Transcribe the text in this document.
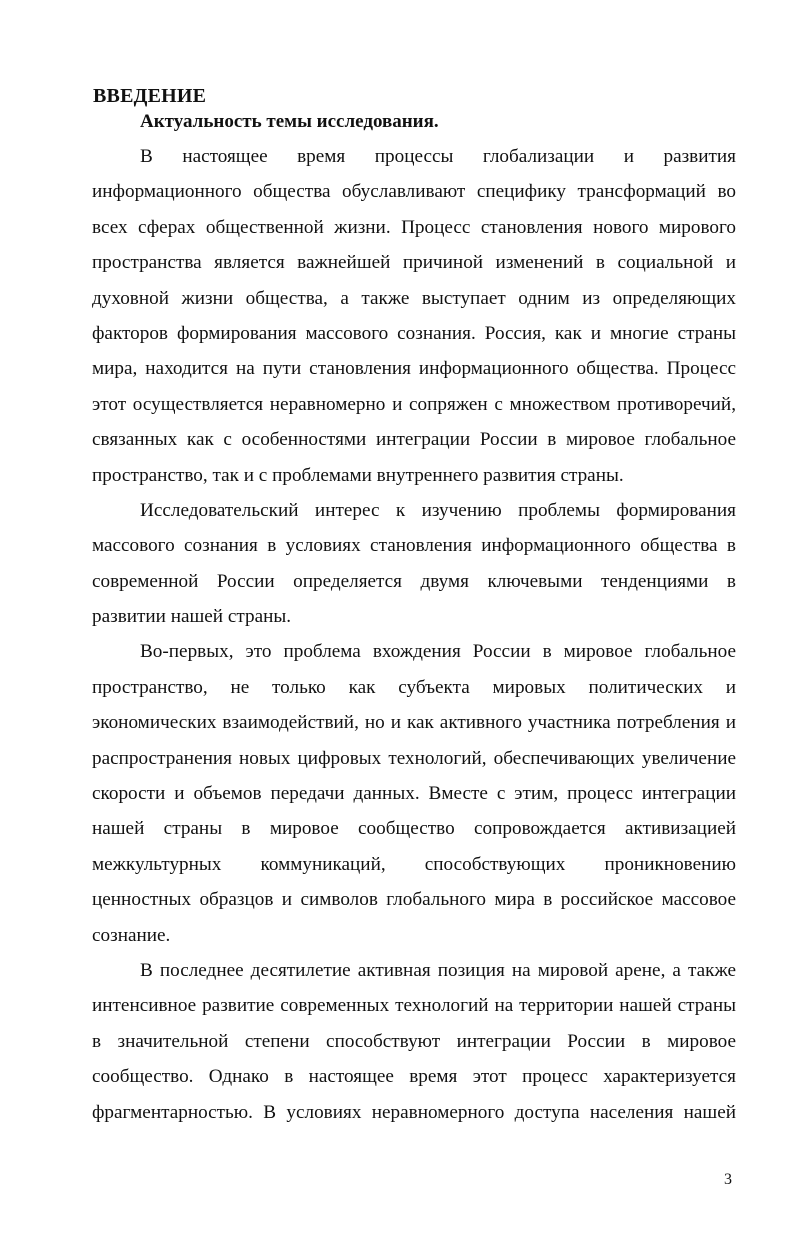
ВВЕДЕНИЕ
Актуальность темы исследования.
В настоящее время процессы глобализации и развития
информационного общества обуславливают специфику трансформаций во
всех сферах общественной жизни. Процесс становления нового мирового
пространства является важнейшей причиной изменений в социальной и
духовной жизни общества, а также выступает одним из определяющих
факторов формирования массового сознания. Россия, как и многие страны
мира, находится на пути становления информационного общества. Процесс
этот осуществляется неравномерно и сопряжен с множеством противоречий,
связанных как с особенностями интеграции России в мировое глобальное
пространство, так и с проблемами внутреннего развития страны.
Исследовательский интерес к изучению проблемы формирования
массового сознания в условиях становления информационного общества в
современной России определяется двумя ключевыми тенденциями в
развитии нашей страны.
Во-первых, это проблема вхождения России в мировое глобальное
пространство, не только как субъекта мировых политических и
экономических взаимодействий, но и как активного участника потребления и
распространения новых цифровых технологий, обеспечивающих увеличение
скорости и объемов передачи данных. Вместе с этим, процесс интеграции
нашей страны в мировое сообщество сопровождается активизацией
межкультурных коммуникаций, способствующих проникновению
ценностных образцов и символов глобального мира в российское массовое
сознание.
В последнее десятилетие активная позиция на мировой арене, а также
интенсивное развитие современных технологий на территории нашей страны
в значительной степени способствуют интеграции России в мировое
сообщество. Однако в настоящее время этот процесс характеризуется
фрагментарностью. В условиях неравномерного доступа населения нашей
3
